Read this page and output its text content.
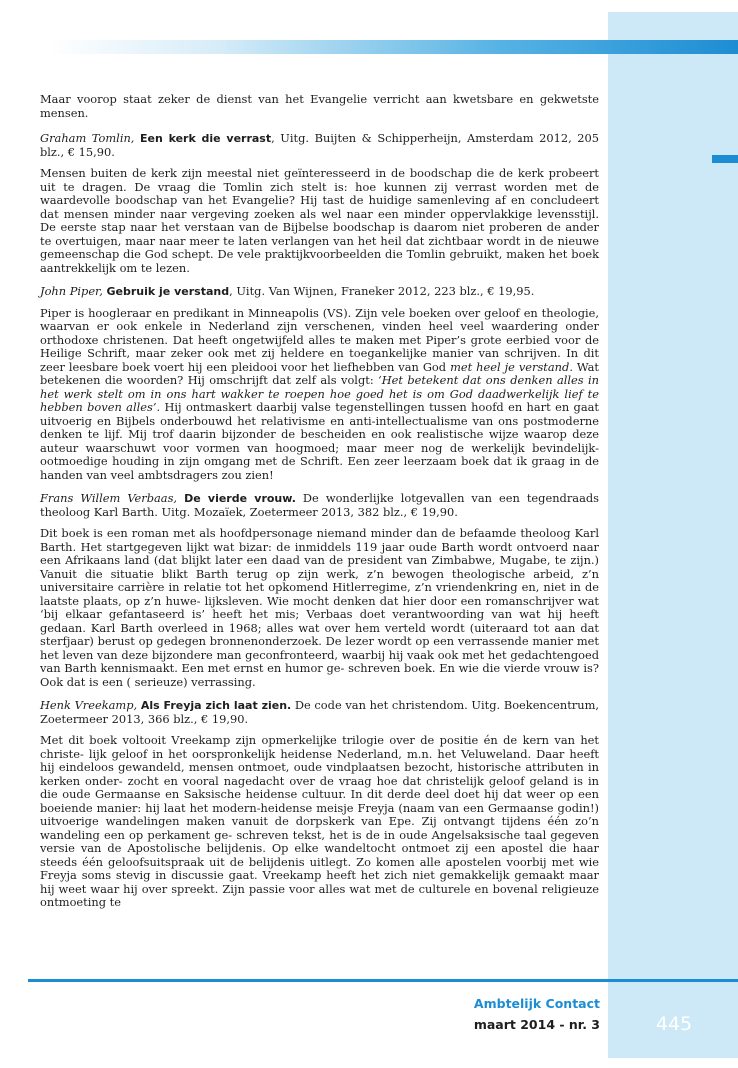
Maar voorop staat zeker de dienst van het Evangelie verricht aan kwetsbare en gekwetste mensen.

Graham Tomlin, Een kerk die verrast, Uitg. Buijten & Schipperheijn, Amsterdam 2012, 205 blz., € 15,90.

Mensen buiten de kerk zijn meestal niet geïnteresseerd in de boodschap die de kerk probeert uit te dragen. De vraag die Tomlin zich stelt is: hoe kunnen zij verrast worden met de waardevolle boodschap van het Evangelie? Hij tast de huidige samenleving af en concludeert dat mensen minder naar vergeving zoeken als wel naar een minder oppervlakkige levensstijl. De eerste stap naar het verstaan van de Bijbelse boodschap is daarom niet proberen de ander te overtuigen, maar naar meer te laten verlangen van het heil dat zichtbaar wordt in de nieuwe gemeenschap die God schept. De vele praktijkvoorbeelden die Tomlin gebruikt, maken het boek aantrekkelijk om te lezen.

John Piper, Gebruik je verstand, Uitg. Van Wijnen, Franeker 2012, 223 blz., € 19,95.

Piper is hoogleraar en predikant in Minneapolis (VS). Zijn vele boeken over geloof en theologie, waarvan er ook enkele in Nederland zijn verschenen, vinden heel veel waardering onder orthodoxe christenen. Dat heeft ongetwijfeld alles te maken met Piper’s grote eerbied voor de Heilige Schrift, maar zeker ook met zij heldere en toegankelijke manier van schrijven. In dit zeer leesbare boek voert hij een pleidooi voor het liefhebben van God met heel je verstand. Wat betekenen die woorden? Hij omschrijft dat zelf als volgt: ‘Het betekent dat ons denken alles in het werk stelt om in ons hart wakker te roepen hoe goed het is om God daadwerkelijk lief te hebben boven alles’. Hij ontmaskert daarbij valse tegenstellingen tussen hoofd en hart en gaat uitvoerig en Bijbels onderbouwd het relativisme en anti-intellectualisme van ons postmoderne denken te lijf. Mij trof daarin bijzonder de bescheiden en ook realistische wijze waarop deze auteur waarschuwt voor vormen van hoogmoed; maar meer nog de werkelijk bevindelijk-ootmoedige houding in zijn omgang met de Schrift. Een zeer leerzaam boek dat ik graag in de handen van veel ambtsdragers zou zien!

Frans Willem Verbaas, De vierde vrouw. De wonderlijke lotgevallen van een tegendraads theoloog Karl Barth. Uitg. Mozaïek, Zoetermeer 2013, 382 blz., € 19,90.

Dit boek is een roman met als hoofdpersonage niemand minder dan de befaamde theoloog Karl Barth. Het startgegeven lijkt wat bizar: de inmiddels 119 jaar oude Barth wordt ontvoerd naar een Afrikaans land (dat blijkt later een daad van de president van Zimbabwe, Mugabe, te zijn.) Vanuit die situatie blikt Barth terug op zijn werk, z’n bewogen theologische arbeid, z’n universitaire carrière in relatie tot het opkomend Hitlerregime, z’n vriendenkring en, niet in de laatste plaats, op z’n huwe- lijksleven. Wie mocht denken dat hier door een romanschrijver wat ‘bij elkaar gefantaseerd is’ heeft het mis; Verbaas doet verantwoording van wat hij heeft gedaan. Karl Barth overleed in 1968; alles wat over hem verteld wordt (uiteraard tot aan dat sterfjaar) berust op gedegen bronnenonderzoek. De lezer wordt op een verrassende manier met het leven van deze bijzondere man geconfronteerd, waarbij hij vaak ook met het gedachtengoed van Barth kennismaakt. Een met ernst en humor ge- schreven boek. En wie die vierde vrouw is? Ook dat is een ( serieuze) verrassing.

Henk Vreekamp, Als Freyja zich laat zien. De code van het christendom. Uitg. Boekencentrum, Zoetermeer 2013, 366 blz., € 19,90.

Met dit boek voltooit Vreekamp zijn opmerkelijke trilogie over de positie én de kern van het christe- lijk geloof in het oorspronkelijk heidense Nederland, m.n. het Veluweland. Daar heeft hij eindeloos gewandeld, mensen ontmoet, oude vindplaatsen bezocht, historische attributen in kerken onder- zocht en vooral nagedacht over de vraag hoe dat christelijk geloof geland is in die oude Germaanse en Saksische heidense cultuur. In dit derde deel doet hij dat weer op een boeiende manier: hij laat het modern-heidense meisje Freyja (naam van een Germaanse godin!) uitvoerige wandelingen maken vanuit de dorpskerk van Epe. Zij ontvangt tijdens één zo’n wandeling een op perkament ge- schreven tekst, het is de in oude Angelsaksische taal gegeven versie van de Apostolische belijdenis. Op elke wandeltocht ontmoet zij een apostel die haar steeds één geloofsuitspraak uit de belijdenis uitlegt. Zo komen alle apostelen voorbij met wie Freyja soms stevig in discussie gaat. Vreekamp heeft het zich niet gemakkelijk gemaakt maar hij weet waar hij over spreekt. Zijn passie voor alles wat met de culturele en bovenal religieuze ontmoeting te

Ambtelijk Contact
maart 2014 - nr. 3	445
